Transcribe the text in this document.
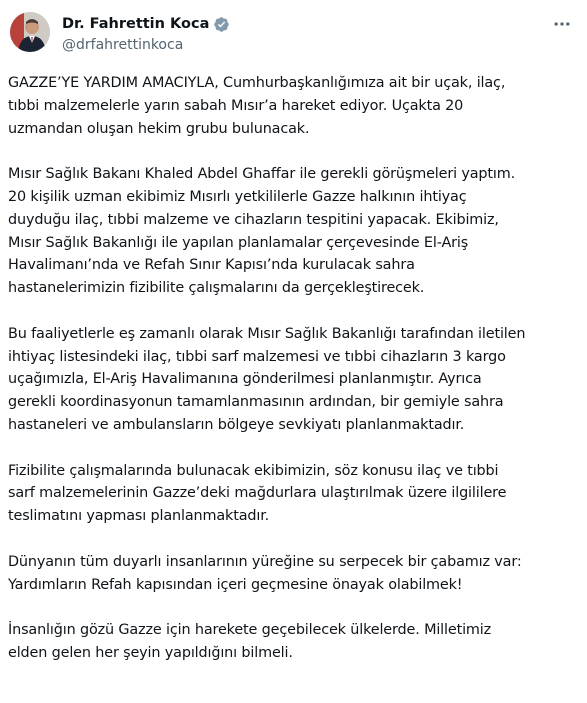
Dr. Fahrettin Koca
@drfahrettinkoca

GAZZE’YE YARDIM AMACIYLA, Cumhurbaşkanlığımıza ait bir uçak, ilaç,
tıbbi malzemelerle yarın sabah Mısır’a hareket ediyor. Uçakta 20
uzmandan oluşan hekim grubu bulunacak.

Mısır Sağlık Bakanı Khaled Abdel Ghaffar ile gerekli görüşmeleri yaptım.
20 kişilik uzman ekibimiz Mısırlı yetkililerle Gazze halkının ihtiyaç
duyduğu ilaç, tıbbi malzeme ve cihazların tespitini yapacak. Ekibimiz,
Mısır Sağlık Bakanlığı ile yapılan planlamalar çerçevesinde El-Ariş
Havalimanı’nda ve Refah Sınır Kapısı’nda kurulacak sahra
hastanelerimizin fizibilite çalışmalarını da gerçekleştirecek.

Bu faaliyetlerle eş zamanlı olarak Mısır Sağlık Bakanlığı tarafından iletilen
ihtiyaç listesindeki ilaç, tıbbi sarf malzemesi ve tıbbi cihazların 3 kargo
uçağımızla, El-Ariş Havalimanına gönderilmesi planlanmıştır. Ayrıca
gerekli koordinasyonun tamamlanmasının ardından, bir gemiyle sahra
hastaneleri ve ambulansların bölgeye sevkiyatı planlanmaktadır.

Fizibilite çalışmalarında bulunacak ekibimizin, söz konusu ilaç ve tıbbi
sarf malzemelerinin Gazze’deki mağdurlara ulaştırılmak üzere ilgililere
teslimatını yapması planlanmaktadır.

Dünyanın tüm duyarlı insanlarının yüreğine su serpecek bir çabamız var:
Yardımların Refah kapısından içeri geçmesine önayak olabilmek!

İnsanlığın gözü Gazze için harekete geçebilecek ülkelerde. Milletimiz
elden gelen her şeyin yapıldığını bilmeli.
